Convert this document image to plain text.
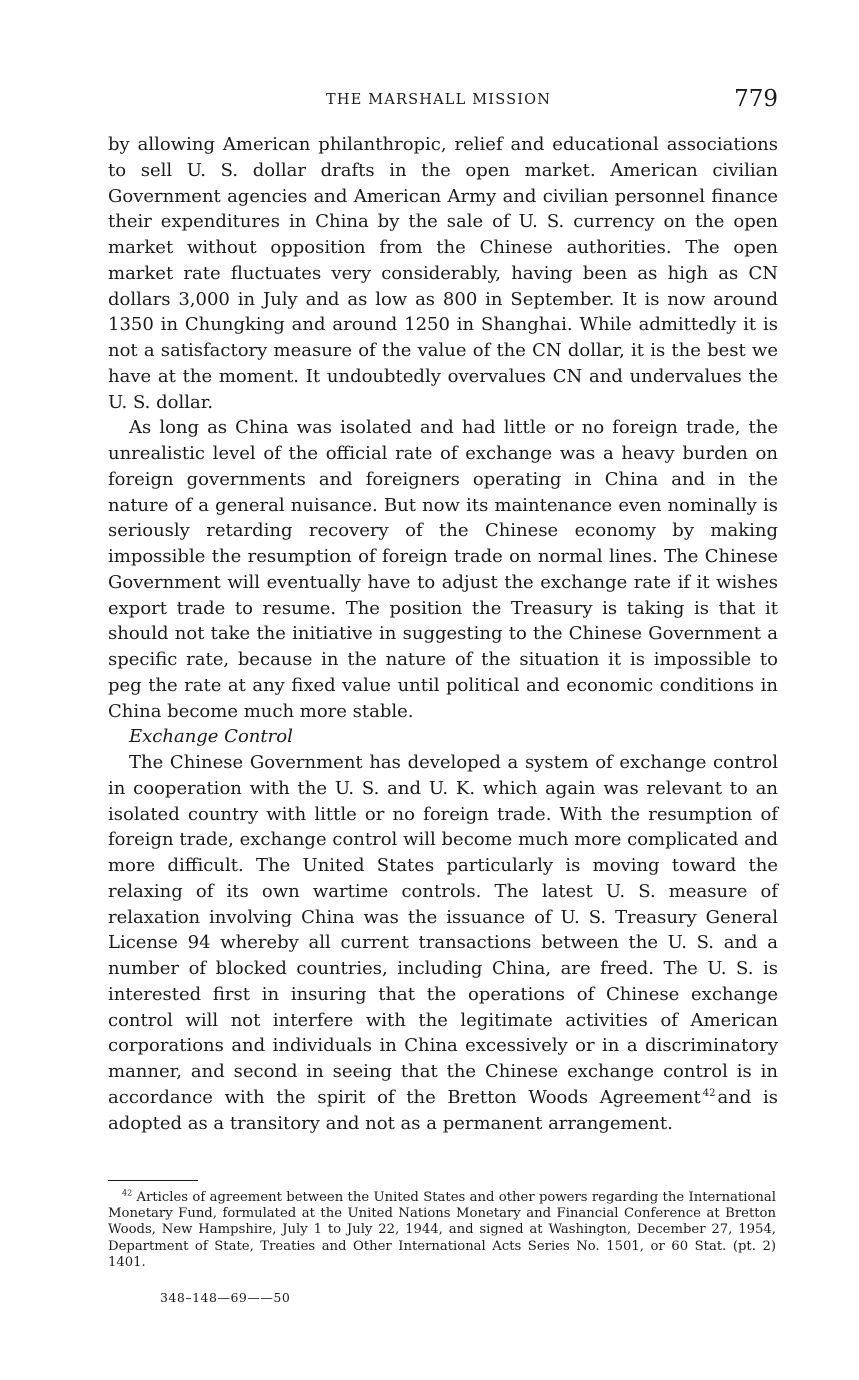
THE MARSHALL MISSION	779

by allowing American philanthropic, relief and educational associations to sell U. S. dollar drafts in the open market. American civilian Government agencies and American Army and civilian personnel finance their expenditures in China by the sale of U. S. currency on the open market without opposition from the Chinese authorities. The open market rate fluctuates very considerably, having been as high as CN dollars 3,000 in July and as low as 800 in September. It is now around 1350 in Chungking and around 1250 in Shanghai. While admittedly it is not a satisfactory measure of the value of the CN dollar, it is the best we have at the moment. It undoubtedly overvalues CN and undervalues the U. S. dollar.

As long as China was isolated and had little or no foreign trade, the unrealistic level of the official rate of exchange was a heavy burden on foreign governments and foreigners operating in China and in the nature of a general nuisance. But now its maintenance even nominally is seriously retarding recovery of the Chinese economy by making impossible the resumption of foreign trade on normal lines. The Chinese Government will eventually have to adjust the exchange rate if it wishes export trade to resume. The position the Treasury is taking is that it should not take the initiative in suggesting to the Chinese Government a specific rate, because in the nature of the situation it is impossible to peg the rate at any fixed value until political and economic conditions in China become much more stable.

Exchange Control

The Chinese Government has developed a system of exchange control in cooperation with the U. S. and U. K. which again was relevant to an isolated country with little or no foreign trade. With the resumption of foreign trade, exchange control will become much more complicated and more difficult. The United States particularly is moving toward the relaxing of its own wartime controls. The latest U. S. measure of relaxation involving China was the issuance of U. S. Treasury General License 94 whereby all current transactions between the U. S. and a number of blocked countries, including China, are freed. The U. S. is interested first in insuring that the operations of Chinese exchange control will not interfere with the legitimate activities of American corporations and individuals in China excessively or in a discriminatory manner, and second in seeing that the Chinese exchange control is in accordance with the spirit of the Bretton Woods Agreement $^{42}$ and is adopted as a transitory and not as a permanent arrangement.

$^{42}$ Articles of agreement between the United States and other powers regarding the International Monetary Fund, formulated at the United Nations Monetary and Financial Conference at Bretton Woods, New Hampshire, July 1 to July 22, 1944, and signed at Washington, December 27, 1954, Department of State, Treaties and Other International Acts Series No. 1501, or 60 Stat. (pt. 2) 1401.
348–148—69——50
